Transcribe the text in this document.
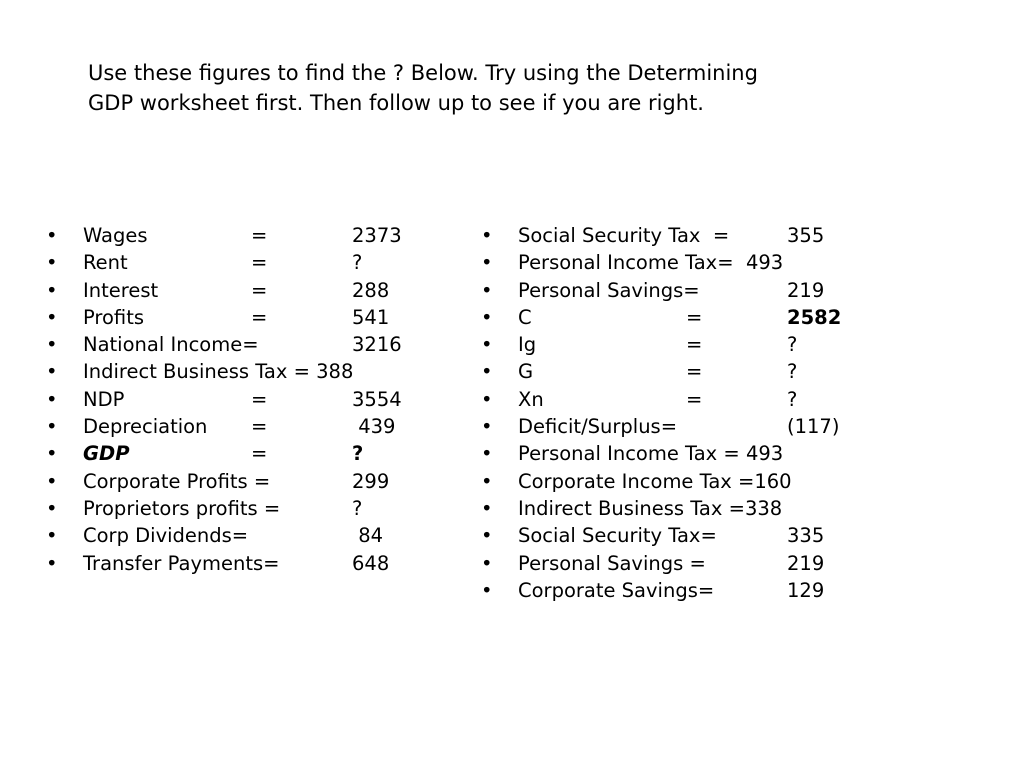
Use these figures to find the ? Below. Try using the Determining
GDP worksheet first. Then follow up to see if you are right.

•

Wages

	=

	2373

•

Rent

	=

	?

•

Interest

	=

	288

•

Profits

	=

	541

•

National Income=

	3216

•

Indirect Business Tax = 388

•

NDP

	=

	3554

•

Depreciation

=

	439

•

GDP

	=

	?

•

Corporate Profits =

	299

•

Proprietors profits =

	?

•

Corp Dividends=

	84

•

Transfer Payments=

	648

•

Social Security Tax  =

	355

•

Personal Income Tax=  493

•

Personal Savings=

	219

•

C

	=

	2582

•

Ig

	=

	?

•

G

	=

	?

•

Xn

	=

	?

•

Deficit/Surplus=

	(117)

•

Personal Income Tax = 493

•

Corporate Income Tax =160

•

Indirect Business Tax =338

•

Social Security Tax=

	335

•

Personal Savings =

	219

•

Corporate Savings=

	129
